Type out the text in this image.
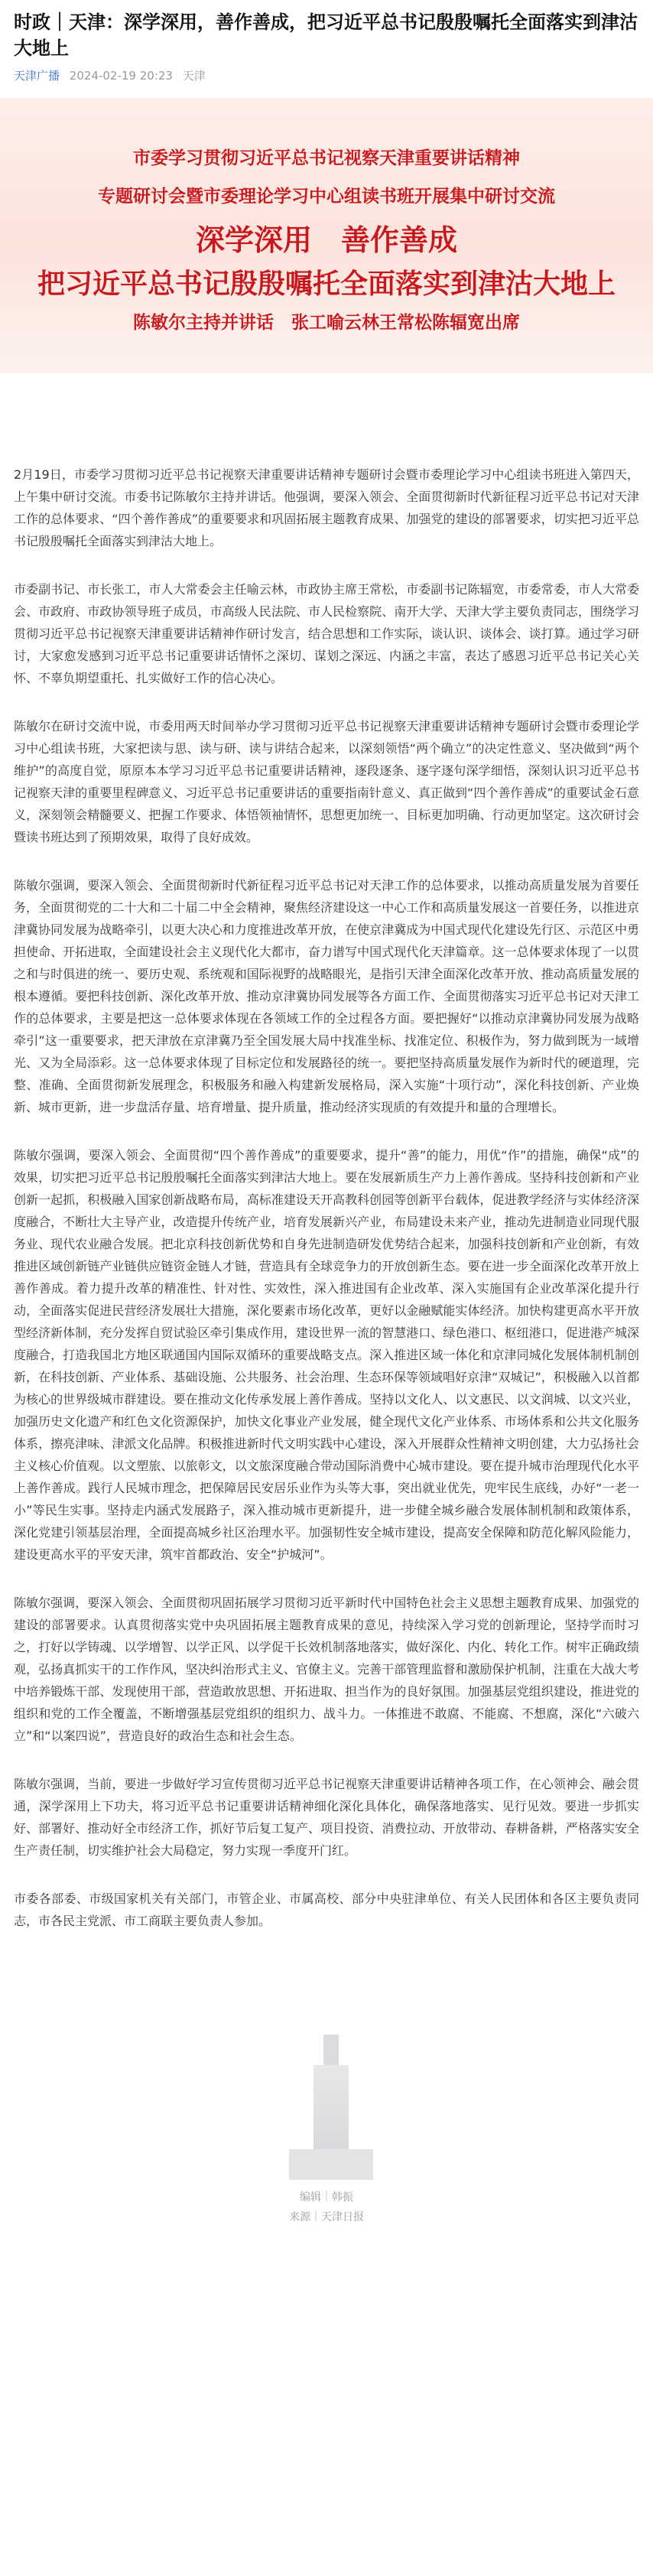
时政｜天津：深学深用，善作善成，把习近平总书记殷殷嘱托全面落实到津沽大地上
天津广播 2024-02-19 20:23 天津
市委学习贯彻习近平总书记视察天津重要讲话精神
专题研讨会暨市委理论学习中心组读书班开展集中研讨交流
深学深用　善作善成
把习近平总书记殷殷嘱托全面落实到津沽大地上
陈敏尔主持并讲话　张工喻云林王常松陈辐宽出席

2月19日，市委学习贯彻习近平总书记视察天津重要讲话精神专题研讨会暨市委理论学习中心组读书班进入第四天，上午集中研讨交流。市委书记陈敏尔主持并讲话。他强调，要深入领会、全面贯彻新时代新征程习近平总书记对天津工作的总体要求、“四个善作善成”的重要要求和巩固拓展主题教育成果、加强党的建设的部署要求，切实把习近平总书记殷殷嘱托全面落实到津沽大地上。

市委副书记、市长张工，市人大常委会主任喻云林，市政协主席王常松，市委副书记陈辐宽，市委常委，市人大常委会、市政府、市政协领导班子成员，市高级人民法院、市人民检察院、南开大学、天津大学主要负责同志，围绕学习贯彻习近平总书记视察天津重要讲话精神作研讨发言，结合思想和工作实际，谈认识、谈体会、谈打算。通过学习研讨，大家愈发感到习近平总书记重要讲话情怀之深切、谋划之深远、内涵之丰富，表达了感恩习近平总书记关心关怀、不辜负期望重托、扎实做好工作的信心决心。

陈敏尔在研讨交流中说，市委用两天时间举办学习贯彻习近平总书记视察天津重要讲话精神专题研讨会暨市委理论学习中心组读书班，大家把读与思、读与研、读与讲结合起来，以深刻领悟“两个确立”的决定性意义、坚决做到“两个维护”的高度自觉，原原本本学习习近平总书记重要讲话精神，逐段逐条、逐字逐句深学细悟，深刻认识习近平总书记视察天津的重要里程碑意义、习近平总书记重要讲话的重要指南针意义、真正做到“四个善作善成”的重要试金石意义，深刻领会精髓要义、把握工作要求、体悟领袖情怀，思想更加统一、目标更加明确、行动更加坚定。这次研讨会暨读书班达到了预期效果，取得了良好成效。

陈敏尔强调，要深入领会、全面贯彻新时代新征程习近平总书记对天津工作的总体要求，以推动高质量发展为首要任务，全面贯彻党的二十大和二十届二中全会精神，聚焦经济建设这一中心工作和高质量发展这一首要任务，以推进京津冀协同发展为战略牵引，以更大决心和力度推进改革开放，在使京津冀成为中国式现代化建设先行区、示范区中勇担使命、开拓进取，全面建设社会主义现代化大都市，奋力谱写中国式现代化天津篇章。这一总体要求体现了一以贯之和与时俱进的统一、要历史观、系统观和国际视野的战略眼光，是指引天津全面深化改革开放、推动高质量发展的根本遵循。要把科技创新、深化改革开放、推动京津冀协同发展等各方面工作、全面贯彻落实习近平总书记对天津工作的总体要求，主要是把这一总体要求体现在各领域工作的全过程各方面。要把握好“以推动京津冀协同发展为战略牵引”这一重要要求，把天津放在京津冀乃至全国发展大局中找准坐标、找准定位、积极作为，努力做到既为一域增光、又为全局添彩。这一总体要求体现了目标定位和发展路径的统一。要把坚持高质量发展作为新时代的硬道理，完整、准确、全面贯彻新发展理念，积极服务和融入构建新发展格局，深入实施“十项行动”，深化科技创新、产业焕新、城市更新，进一步盘活存量、培育增量、提升质量，推动经济实现质的有效提升和量的合理增长。

陈敏尔强调，要深入领会、全面贯彻“四个善作善成”的重要要求，提升“善”的能力，用优“作”的措施，确保“成”的效果，切实把习近平总书记殷殷嘱托全面落实到津沽大地上。要在发展新质生产力上善作善成。坚持科技创新和产业创新一起抓，积极融入国家创新战略布局，高标准建设天开高教科创园等创新平台载体，促进教学经济与实体经济深度融合，不断壮大主导产业，改造提升传统产业，培育发展新兴产业，布局建设未来产业，推动先进制造业同现代服务业、现代农业融合发展。把北京科技创新优势和自身先进制造研发优势结合起来，加强科技创新和产业创新，有效推进区域创新链产业链供应链资金链人才链，营造具有全球竞争力的开放创新生态。要在进一步全面深化改革开放上善作善成。着力提升改革的精准性、针对性、实效性，深入推进国有企业改革、深入实施国有企业改革深化提升行动，全面落实促进民营经济发展壮大措施，深化要素市场化改革，更好以金融赋能实体经济。加快构建更高水平开放型经济新体制，充分发挥自贸试验区牵引集成作用，建设世界一流的智慧港口、绿色港口、枢纽港口，促进港产城深度融合，打造我国北方地区联通国内国际双循环的重要战略支点。深入推进区域一体化和京津同城化发展体制机制创新，在科技创新、产业体系、基础设施、公共服务、社会治理、生态环保等领域唱好京津“双城记”，积极融入以首都为核心的世界级城市群建设。要在推动文化传承发展上善作善成。坚持以文化人、以文惠民、以文润城、以文兴业，加强历史文化遗产和红色文化资源保护，加快文化事业产业发展，健全现代文化产业体系、市场体系和公共文化服务体系，擦亮津味、津派文化品牌。积极推进新时代文明实践中心建设，深入开展群众性精神文明创建，大力弘扬社会主义核心价值观。以文塑旅、以旅彰文，以文旅深度融合带动国际消费中心城市建设。要在提升城市治理现代化水平上善作善成。践行人民城市理念，把保障居民安居乐业作为头等大事，突出就业优先，兜牢民生底线，办好“一老一小”等民生实事。坚持走内涵式发展路子，深入推动城市更新提升，进一步健全城乡融合发展体制机制和政策体系，深化党建引领基层治理，全面提高城乡社区治理水平。加强韧性安全城市建设，提高安全保障和防范化解风险能力，建设更高水平的平安天津，筑牢首都政治、安全“护城河”。

陈敏尔强调，要深入领会、全面贯彻巩固拓展学习贯彻习近平新时代中国特色社会主义思想主题教育成果、加强党的建设的部署要求。认真贯彻落实党中央巩固拓展主题教育成果的意见，持续深入学习党的创新理论，坚持学而时习之，打好以学铸魂、以学增智、以学正风、以学促干长效机制落地落实，做好深化、内化、转化工作。树牢正确政绩观，弘扬真抓实干的工作作风，坚决纠治形式主义、官僚主义。完善干部管理监督和激励保护机制，注重在大战大考中培养锻炼干部、发现使用干部，营造敢放思想、开拓进取、担当作为的良好氛围。加强基层党组织建设，推进党的组织和党的工作全覆盖，不断增强基层党组织的组织力、战斗力。一体推进不敢腐、不能腐、不想腐，深化“六破六立”和“以案四说”，营造良好的政治生态和社会生态。

陈敏尔强调，当前，要进一步做好学习宣传贯彻习近平总书记视察天津重要讲话精神各项工作，在心领神会、融会贯通，深学深用上下功夫，将习近平总书记重要讲话精神细化深化具体化，确保落地落实、见行见效。要进一步抓实好、部署好、推动好全市经济工作，抓好节后复工复产、项目投资、消费拉动、开放带动、春耕备耕，严格落实安全生产责任制，切实维护社会大局稳定，努力实现一季度开门红。

市委各部委、市级国家机关有关部门，市管企业、市属高校、部分中央驻津单位、有关人民团体和各区主要负责同志，市各民主党派、市工商联主要负责人参加。

编辑｜韩振
来源｜天津日报
